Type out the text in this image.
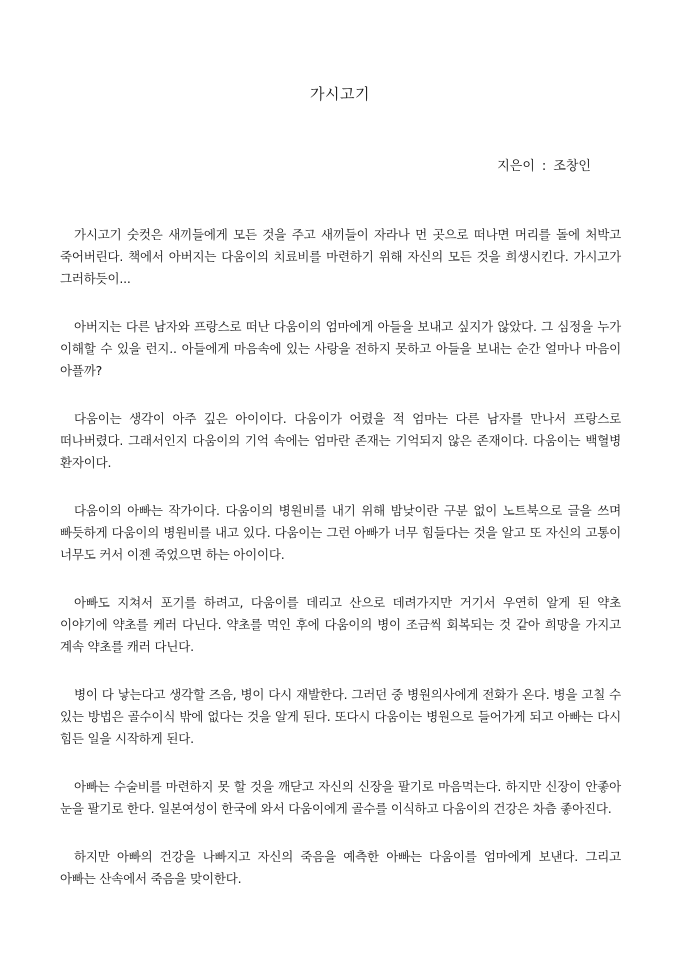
가시고기
지은이 : 조창인

가시고기 숫컷은 새끼들에게 모든 것을 주고 새끼들이 자라나 먼 곳으로 떠나면 머리를 돌에 처박고 죽어버린다. 책에서 아버지는 다움이의 치료비를 마련하기 위해 자신의 모든 것을 희생시킨다. 가시고가 그러하듯이...

아버지는 다른 남자와 프랑스로 떠난 다움이의 엄마에게 아들을 보내고 싶지가 않았다. 그 심정을 누가 이해할 수 있을 런지.. 아들에게 마음속에 있는 사랑을 전하지 못하고 아들을 보내는 순간 얼마나 마음이 아플까?

다움이는 생각이 아주 깊은 아이이다. 다움이가 어렸을 적 엄마는 다른 남자를 만나서 프랑스로 떠나버렸다. 그래서인지 다움이의 기억 속에는 엄마란 존재는 기억되지 않은 존재이다. 다움이는 백혈병 환자이다.

다움이의 아빠는 작가이다. 다움이의 병원비를 내기 위해 밤낮이란 구분 없이 노트북으로 글을 쓰며 빠듯하게 다움이의 병원비를 내고 있다. 다움이는 그런 아빠가 너무 힘들다는 것을 알고 또 자신의 고통이 너무도 커서 이젠 죽었으면 하는 아이이다.

아빠도 지쳐서 포기를 하려고, 다움이를 데리고 산으로 데려가지만 거기서 우연히 알게 된 약초 이야기에 약초를 케러 다닌다. 약초를 먹인 후에 다움이의 병이 조금씩 회복되는 것 같아 희망을 가지고 계속 약초를 캐러 다닌다.

병이 다 낳는다고 생각할 즈음, 병이 다시 재발한다. 그러던 중 병원의사에게 전화가 온다. 병을 고칠 수 있는 방법은 골수이식 밖에 없다는 것을 알게 된다. 또다시 다움이는 병원으로 들어가게 되고 아빠는 다시 힘든 일을 시작하게 된다.

아빠는 수술비를 마련하지 못 할 것을 깨닫고 자신의 신장을 팔기로 마음먹는다. 하지만 신장이 안좋아 눈을 팔기로 한다. 일본여성이 한국에 와서 다움이에게 골수를 이식하고 다움이의 건강은 차츰 좋아진다.

하지만 아빠의 건강을 나빠지고 자신의 죽음을 예측한 아빠는 다움이를 엄마에게 보낸다. 그리고 아빠는 산속에서 죽음을 맞이한다.
